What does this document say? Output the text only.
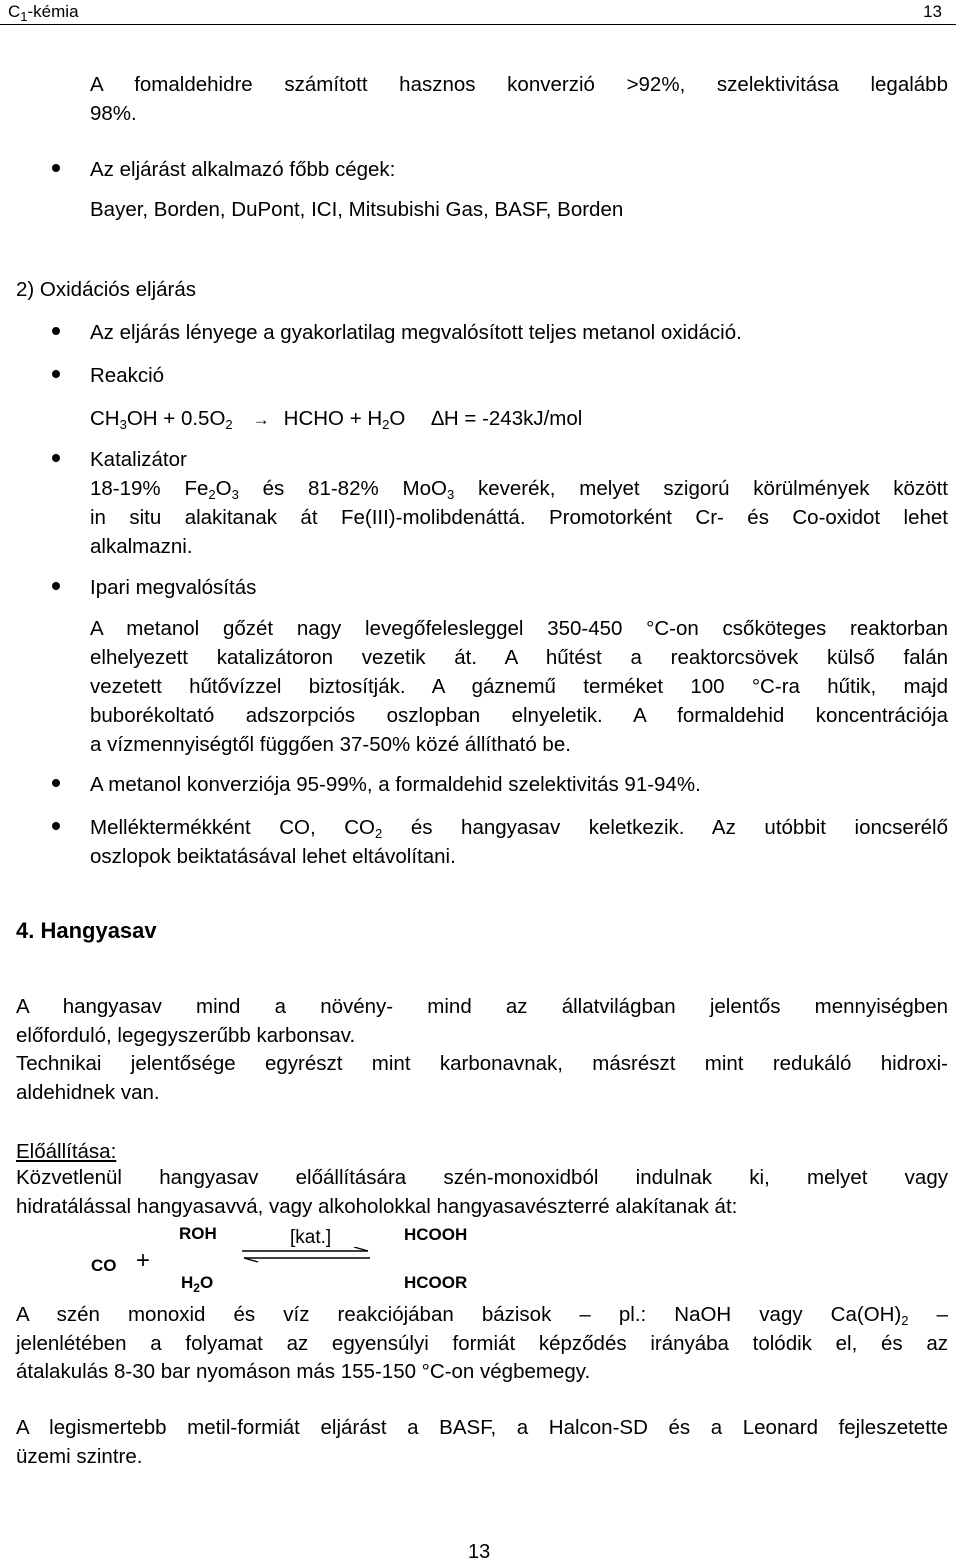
$C_1$-kémia	13
A fomaldehidre számított hasznos konverzió >92%, szelektivitása legalább
98%.
Az eljárást alkalmazó főbb cégek:
Bayer, Borden, DuPont, ICI, Mitsubishi Gas, BASF, Borden
2) Oxidációs eljárás
Az eljárás lényege a gyakorlatilag megvalósított teljes metanol oxidáció.
Reakció
$CH_3OH + 0.5O_2$ → HCHO + $H_2O$ ∆H = -243kJ/mol
Katalizátor
18-19% $Fe_2O_3$ és 81-82% MoO$_3$ keverék, melyet szigorú körülmények között
in situ alakitanak át Fe(III)-molibdenáttá. Promotorként Cr- és Co-oxidot lehet
alkalmazni.
Ipari megvalósítás
A metanol gőzét nagy levegőfelesleggel 350-450 °C-on csőköteges reaktorban
elhelyezett katalizátoron vezetik át. A hűtést a reaktorcsövek külső falán
vezetett hűtővízzel biztosítják. A gáznemű terméket 100 °C-ra hűtik, majd
buborékoltató adszorpciós oszlopban elnyeletik. A formaldehid koncentrációja
a vízmennyiségtől függően 37-50% közé állítható be.
A metanol konverziója 95-99%, a formaldehid szelektivitás 91-94%.
Melléktermékként CO, $CO_2$ és hangyasav keletkezik. Az utóbbit ioncserélő
oszlopok beiktatásával lehet eltávolítani.
4. Hangyasav
A hangyasav mind a növény- mind az állatvilágban jelentős mennyiségben
előforduló, legegyszerűbb karbonsav.
Technikai jelentősége egyrészt mint karbonavnak, másrészt mint redukáló hidroxi-
aldehidnek van.
Előállítása:
Közvetlenül hangyasav előállítására szén-monoxidból indulnak ki, melyet vagy
hidratálással hangyasavvá, vagy alkoholokkal hangyasavészterré alakítanak át:
ROH	[kat.]	HCOOH
CO +
$H_2O$	HCOOR
A szén monoxid és víz reakciójában bázisok – pl.: NaOH vagy $Ca(OH)_2$ –
jelenlétében a folyamat az egyensúlyi formiát képződés irányába tolódik el, és az
átalakulás 8-30 bar nyomáson más 155-150 °C-on végbemegy.
A legismertebb metil-formiát eljárást a BASF, a Halcon-SD és a Leonard fejleszetette
üzemi szintre.
13
